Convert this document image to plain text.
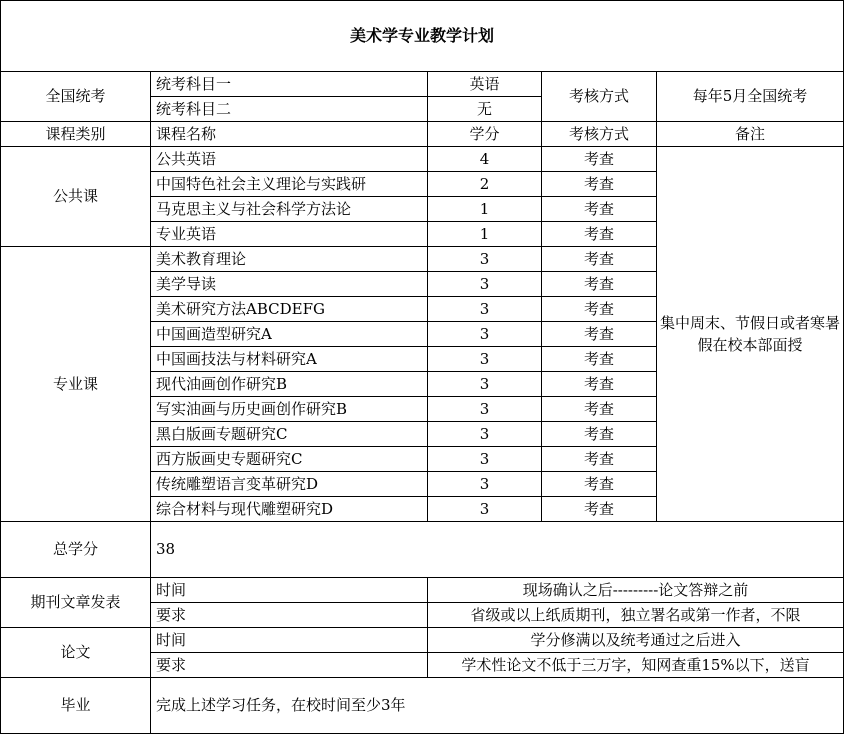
美术学专业教学计划				
全国统考	统考科目一	英语	考核方式	每年5月全国统考
	统考科目二	无		
课程类别	课程名称	学分	考核方式	备注
公共课	公共英语	4	考查	集中周末、节假日或者寒暑假在校本部面授
	中国特色社会主义理论与实践研	2	考查	
	马克思主义与社会科学方法论	1	考查	
	专业英语	1	考查	
专业课	美术教育理论	3	考查	
	美学导读	3	考查	
	美术研究方法ABCDEFG	3	考查	
	中国画造型研究A	3	考查	
	中国画技法与材料研究A	3	考查	
	现代油画创作研究B	3	考查	
	写实油画与历史画创作研究B	3	考查	
	黑白版画专题研究C	3	考查	
	西方版画史专题研究C	3	考查	
	传统雕塑语言变革研究D	3	考查	
	综合材料与现代雕塑研究D	3	考查	
总学分	38			
期刊文章发表	时间	现场确认之后---------论文答辩之前		
	要求	省级或以上纸质期刊，独立署名或第一作者，不限		
论文	时间	学分修满以及统考通过之后进入		
	要求	学术性论文不低于三万字，知网查重15%以下，送盲		
毕业	完成上述学习任务，在校时间至少3年			
